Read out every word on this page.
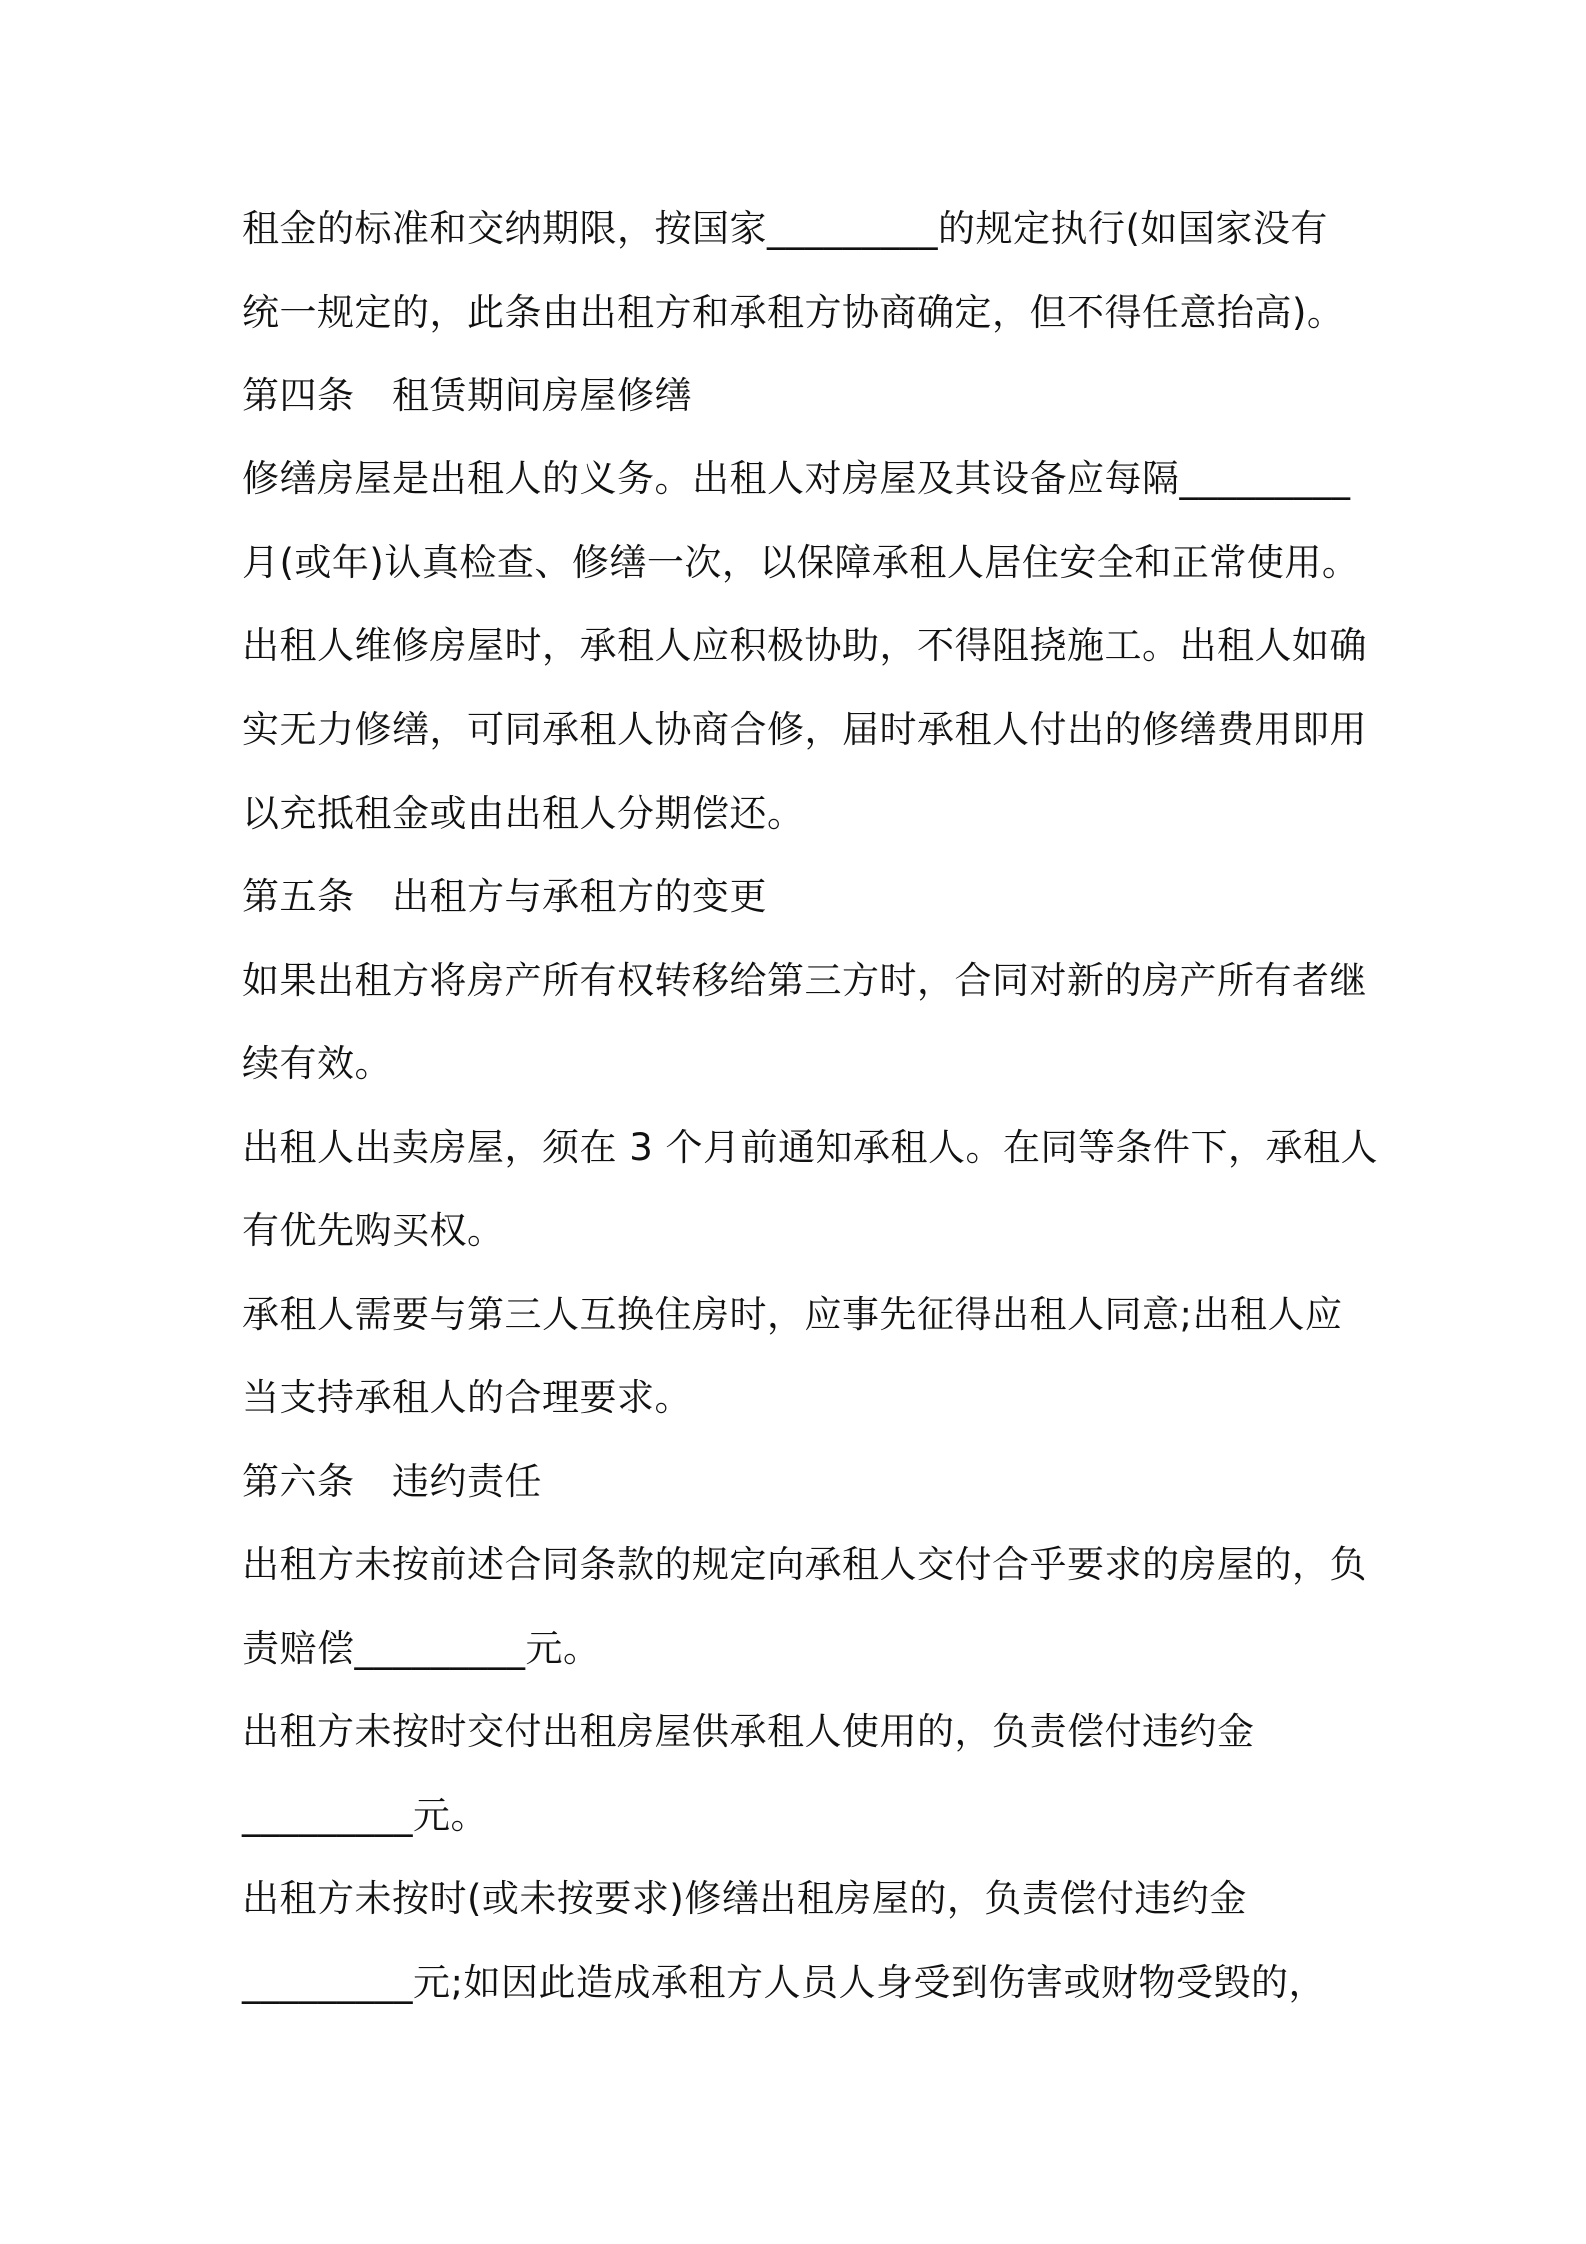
租金的标准和交纳期限，按国家_________的规定执行(如国家没有
统一规定的，此条由出租方和承租方协商确定，但不得任意抬高)。
第四条　租赁期间房屋修缮
修缮房屋是出租人的义务。出租人对房屋及其设备应每隔_________
月(或年)认真检查、修缮一次，以保障承租人居住安全和正常使用。
出租人维修房屋时，承租人应积极协助，不得阻挠施工。出租人如确
实无力修缮，可同承租人协商合修，届时承租人付出的修缮费用即用
以充抵租金或由出租人分期偿还。
第五条　出租方与承租方的变更
如果出租方将房产所有权转移给第三方时，合同对新的房产所有者继
续有效。
出租人出卖房屋，须在 3 个月前通知承租人。在同等条件下，承租人
有优先购买权。
承租人需要与第三人互换住房时，应事先征得出租人同意;出租人应
当支持承租人的合理要求。
第六条　违约责任
出租方未按前述合同条款的规定向承租人交付合乎要求的房屋的，负
责赔偿_________元。
出租方未按时交付出租房屋供承租人使用的，负责偿付违约金
_________元。
出租方未按时(或未按要求)修缮出租房屋的，负责偿付违约金
_________元;如因此造成承租方人员人身受到伤害或财物受毁的，
